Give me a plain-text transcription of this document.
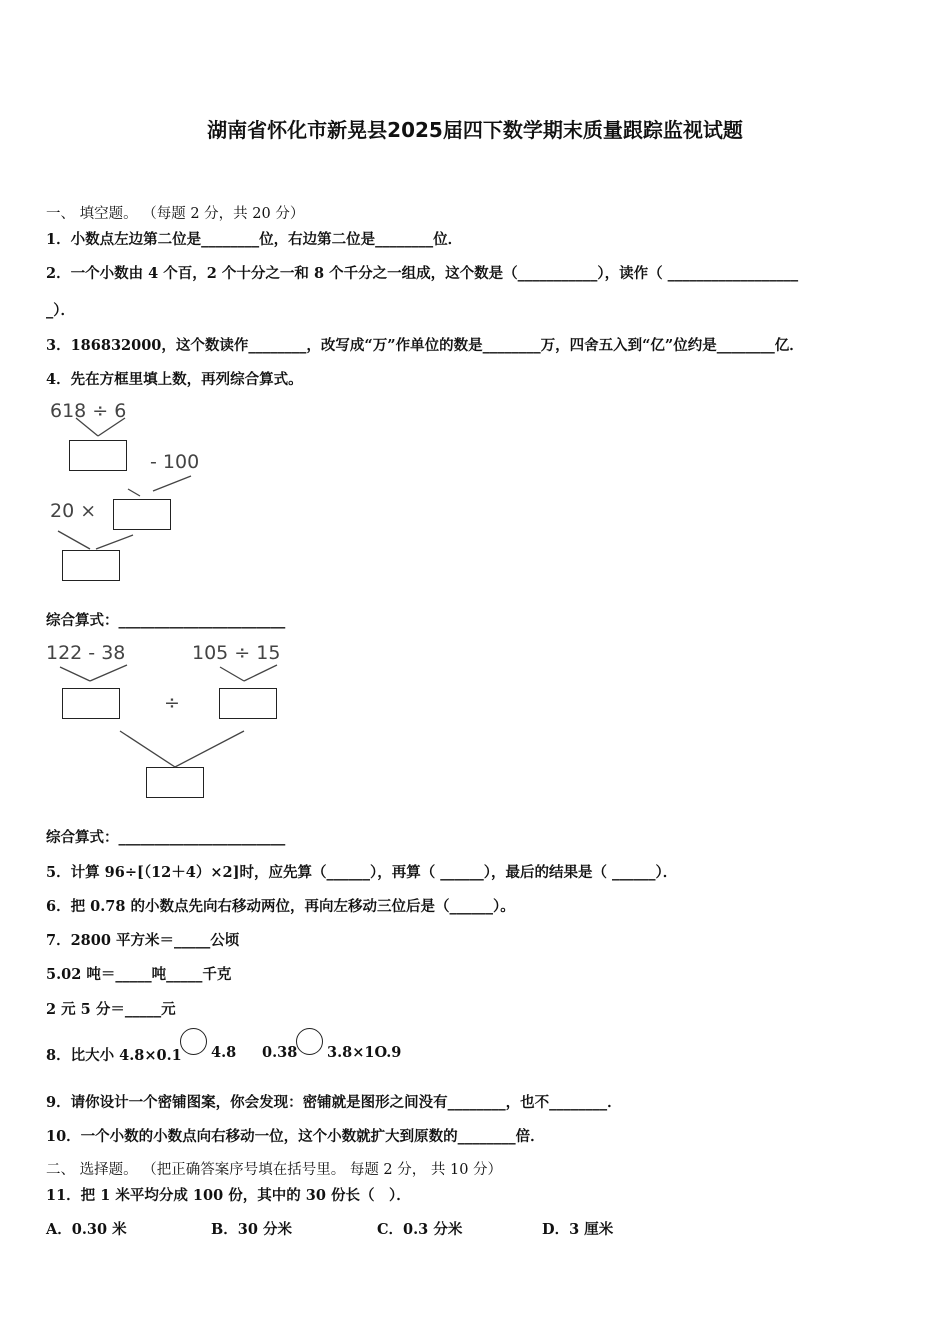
湖南省怀化市新晃县2025届四下数学期末质量跟踪监视试题
一、 填空题。 （每题 2 分，共 20 分）
1．小数点左边第二位是________位，右边第二位是________位．
2．一个小数由 4 个百，2 个十分之一和 8 个千分之一组成，这个数是（___________），读作（ __________________
_）．
3．186832000，这个数读作________，改写成“万”作单位的数是________万，四舍五入到“亿”位约是________亿．
4．先在方框里填上数，再列综合算式。
618 ÷ 6
- 100
20 ×
综合算式：_______________________
122 - 38	105 ÷ 15
÷
综合算式：_______________________
5．计算 96÷[（12＋4）×2]时，应先算（______），再算（ ______），最后的结果是（ ______）．
6．把 0.78 的小数点先向右移动两位，再向左移动三位后是（______）。
7．2800 平方米＝_____公顷
5.02 吨＝_____吨_____千克
2 元 5 分＝_____元
8．比大小 4.8×0.1 4.8 0.38 3.8×1O.9
9．请你设计一个密铺图案，你会发现：密铺就是图形之间没有________，也不________．
10．一个小数的小数点向右移动一位，这个小数就扩大到原数的________倍．
二、 选择题。 （把正确答案序号填在括号里。 每题 2 分， 共 10 分）
11．把 1 米平均分成 100 份，其中的 30 份长（　）．
A．0.30 米	B．30 分米	C．0.3 分米	D．3 厘米
